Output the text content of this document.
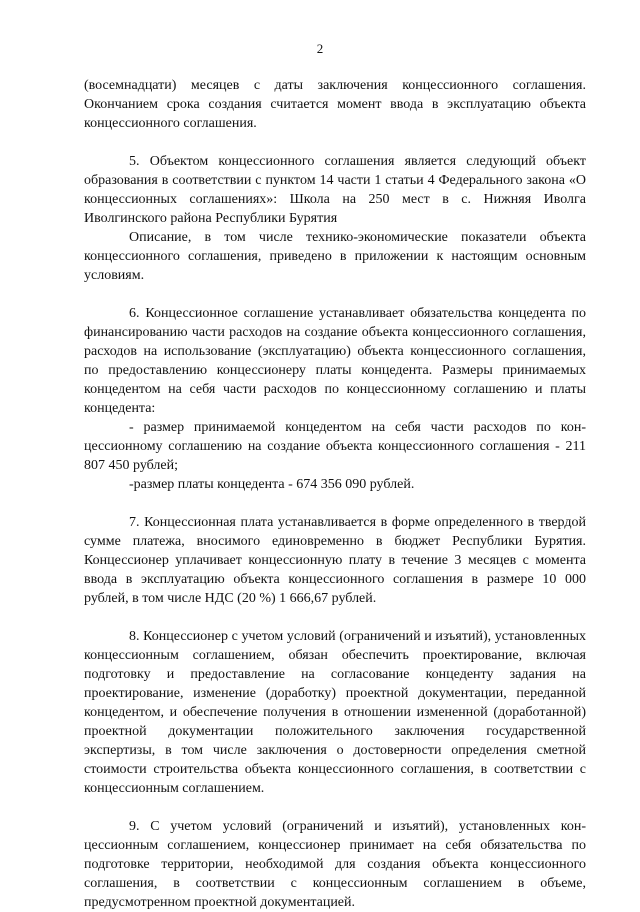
2

(восемнадцати) месяцев с даты заключения концессионного соглашения. Окончанием срока создания считается момент ввода в эксплуатацию объекта концессионного соглашения.

5. Объектом концессионного соглашения является следующий объект образования в соответствии с пунктом 14 части 1 статьи 4 Федерального закона «О концессионных соглашениях»: Школа на 250 мест в с. Нижняя Иволга Иволгинского района Республики Бурятия

Описание, в том числе технико-экономические показатели объекта концессионного соглашения, приведено в приложении к настоящим основным условиям.

6. Концессионное соглашение устанавливает обязательства концедента по финансированию части расходов на создание объекта концессионного соглашения, расходов на использование (эксплуатацию) объекта концессионного соглашения, по предоставлению концессионеру платы концедента. Размеры принимаемых концедентом на себя части расходов по концессионному соглашению и платы концедента:

- размер принимаемой концедентом на себя части расходов по концессионному соглашению на создание объекта концессионного соглашения - 211 807 450 рублей;

-размер платы концедента - 674 356 090 рублей.

7. Концессионная плата устанавливается в форме определенного в твердой сумме платежа, вносимого единовременно в бюджет Республики Бурятия. Концессионер уплачивает концессионную плату в течение 3 месяцев с момента ввода в эксплуатацию объекта концессионного соглашения в размере 10 000 рублей, в том числе НДС (20 %) 1 666,67 рублей.

8. Концессионер с учетом условий (ограничений и изъятий), установленных концессионным соглашением, обязан обеспечить проектирование, включая подготовку и предоставление на согласование концеденту задания на проектирование, изменение (доработку) проектной документации, переданной концедентом, и обеспечение получения в отношении измененной (доработанной) проектной документации положительного заключения государственной экспертизы, в том числе заключения о достоверности определения сметной стоимости строительства объекта концессионного соглашения, в соответствии с концессионным соглашением.

9. С учетом условий (ограничений и изъятий), установленных концессионным соглашением, концессионер принимает на себя обязательства по подготовке территории, необходимой для создания объекта концессионного соглашения, в соответствии с концессионным соглашением в объеме, предусмотренном проектной документацией.
